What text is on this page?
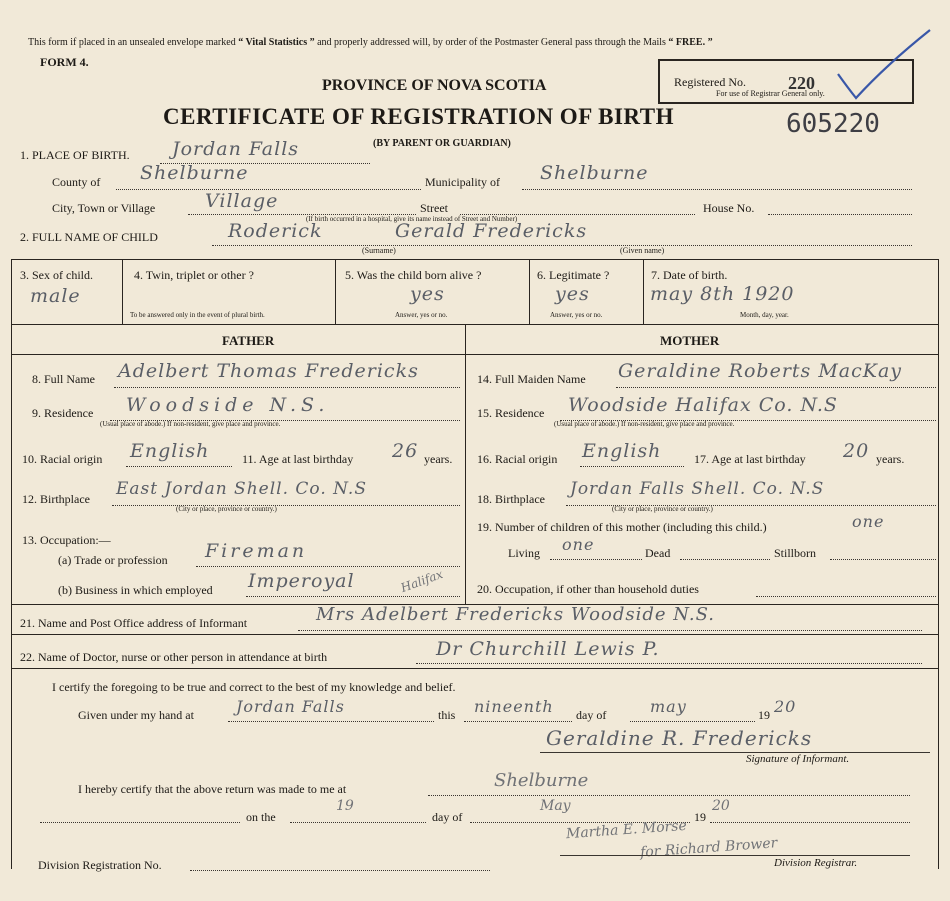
This form if placed in an unsealed envelope marked “ Vital Statistics ” and properly addressed will, by order of the Postmaster General pass through the Mails “ FREE. ”
FORM 4.
PROVINCE OF NOVA SCOTIA
CERTIFICATE OF REGISTRATION OF BIRTH
(BY PARENT OR GUARDIAN)
Registered No. 220
For use of Registrar General only.
605220
1. PLACE OF BIRTH. Jordan Falls
County of Shelburne	Municipality of Shelburne
City, Town or Village	Village	Street
(If birth occurred in a hospital, give its name instead of Street and Number)
House No.
2. FULL NAME OF CHILD	Roderick	Gerald Fredericks
(Surname)	(Given name)
3. Sex of child.
male
4. Twin, triplet or other ?
To be answered only in the event of plural birth.
5. Was the child born alive ?
yes
Answer, yes or no.
6. Legitimate ?
yes
Answer, yes or no.
7. Date of birth.
may 8th 1920
Month, day, year.
FATHER	MOTHER
8. Full Name Adelbert Thomas Fredericks
9. Residence Woodside N.S.
(Usual place of abode.) If non-resident, give place and province.
10. Racial origin English	11. Age at last birthday 26 years.
12. Birthplace East Jordan Shell. Co. N.S
(City or place, province or country.)
13. Occupation:—
(a) Trade or profession Fireman
(b) Business in which employed Imperoyal	Halifax
14. Full Maiden Name Geraldine Roberts MacKay
15. Residence Woodside Halifax Co. N.S
(Usual place of abode.) If non-resident, give place and province.
16. Racial origin English	17. Age at last birthday 20 years.
18. Birthplace Jordan Falls Shell. Co. N.S
(City or place, province or country.)
19. Number of children of this mother (including this child.)	one
Living one	Dead	Stillborn
20. Occupation, if other than household duties
21. Name and Post Office address of Informant	Mrs Adelbert Fredericks Woodside N.S.
22. Name of Doctor, nurse or other person in attendance at birth	Dr Churchill Lewis P.
I certify the foregoing to be true and correct to the best of my knowledge and belief.
Given under my hand at	Jordan Falls	this nineenth day of	may	19 20
Geraldine R. Fredericks
Signature of Informant.
I hereby certify that the above return was made to me at	Shelburne
on the
19
day of
May
19
20
Martha E. Morse
for Richard Brower
Division Registration No.	Division Registrar.
